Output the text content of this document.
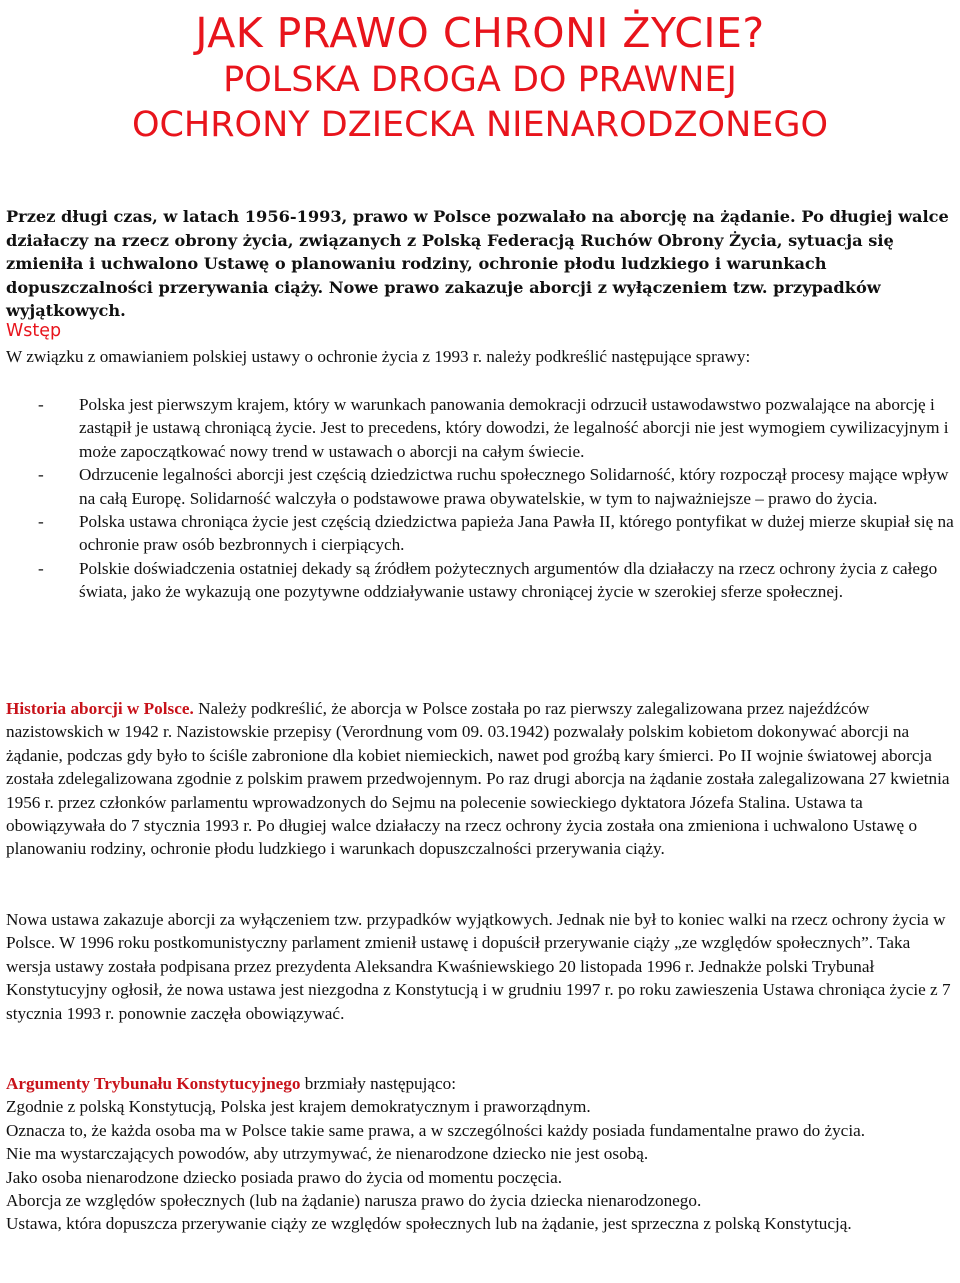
JAK PRAWO CHRONI ŻYCIE?

POLSKA DROGA DO PRAWNEJ

OCHRONY DZIECKA NIENARODZONEGO

Przez długi czas, w latach 1956-1993, prawo w Polsce pozwalało na aborcję na żądanie. Po długiej walce działaczy na rzecz obrony życia, związanych z Polską Federacją Ruchów Obrony Życia, sytuacja się zmieniła i uchwalono Ustawę o planowaniu rodziny, ochronie płodu ludzkiego i warunkach dopuszczalności przerywania ciąży. Nowe prawo zakazuje aborcji z wyłączeniem tzw. przypadków wyjątkowych.
Wstęp
W związku z omawianiem polskiej ustawy o ochronie życia z 1993 r. należy podkreślić następujące sprawy:
- Polska jest pierwszym krajem, który w warunkach panowania demokracji odrzucił ustawodawstwo pozwalające na aborcję i zastąpił je ustawą chroniącą życie. Jest to precedens, który dowodzi, że legalność aborcji nie jest wymogiem cywilizacyjnym i może zapoczątkować nowy trend w ustawach o aborcji na całym świecie.
- Odrzucenie legalności aborcji jest częścią dziedzictwa ruchu społecznego Solidarność, który rozpoczął procesy mające wpływ na całą Europę. Solidarność walczyła o podstawowe prawa obywatelskie, w tym to najważniejsze – prawo do życia.
- Polska ustawa chroniąca życie jest częścią dziedzictwa papieża Jana Pawła II, którego pontyfikat w dużej mierze skupiał się na ochronie praw osób bezbronnych i cierpiących.
- Polskie doświadczenia ostatniej dekady są źródłem pożytecznych argumentów dla działaczy na rzecz ochrony życia z całego świata, jako że wykazują one pozytywne oddziaływanie ustawy chroniącej życie w szerokiej sferze społecznej.
Historia aborcji w Polsce. Należy podkreślić, że aborcja w Polsce została po raz pierwszy zalegalizowana przez najeźdźców nazistowskich w 1942 r. Nazistowskie przepisy (Verordnung vom 09. 03.1942) pozwalały polskim kobietom dokonywać aborcji na żądanie, podczas gdy było to ściśle zabronione dla kobiet niemieckich, nawet pod groźbą kary śmierci. Po II wojnie światowej aborcja została zdelegalizowana zgodnie z polskim prawem przedwojennym. Po raz drugi aborcja na żądanie została zalegalizowana 27 kwietnia 1956 r. przez członków parlamentu wprowadzonych do Sejmu na polecenie sowieckiego dyktatora Józefa Stalina. Ustawa ta obowiązywała do 7 stycznia 1993 r. Po długiej walce działaczy na rzecz ochrony życia została ona zmieniona i uchwalono Ustawę o planowaniu rodziny, ochronie płodu ludzkiego i warunkach dopuszczalności przerywania ciąży.
Nowa ustawa zakazuje aborcji za wyłączeniem tzw. przypadków wyjątkowych. Jednak nie był to koniec walki na rzecz ochrony życia w Polsce. W 1996 roku postkomunistyczny parlament zmienił ustawę i dopuścił przerywanie ciąży „ze względów społecznych”. Taka wersja ustawy została podpisana przez prezydenta Aleksandra Kwaśniewskiego 20 listopada 1996 r. Jednakże polski Trybunał Konstytucyjny ogłosił, że nowa ustawa jest niezgodna z Konstytucją i w grudniu 1997 r. po roku zawieszenia Ustawa chroniąca życie z 7 stycznia 1993 r. ponownie zaczęła obowiązywać.
Argumenty Trybunału Konstytucyjnego brzmiały następująco:
Zgodnie z polską Konstytucją, Polska jest krajem demokratycznym i praworządnym.
Oznacza to, że każda osoba ma w Polsce takie same prawa, a w szczególności każdy posiada fundamentalne prawo do życia.
Nie ma wystarczających powodów, aby utrzymywać, że nienarodzone dziecko nie jest osobą.
Jako osoba nienarodzone dziecko posiada prawo do życia od momentu poczęcia.
Aborcja ze względów społecznych (lub na żądanie) narusza prawo do życia dziecka nienarodzonego.
Ustawa, która dopuszcza przerywanie ciąży ze względów społecznych lub na żądanie, jest sprzeczna z polską Konstytucją.
